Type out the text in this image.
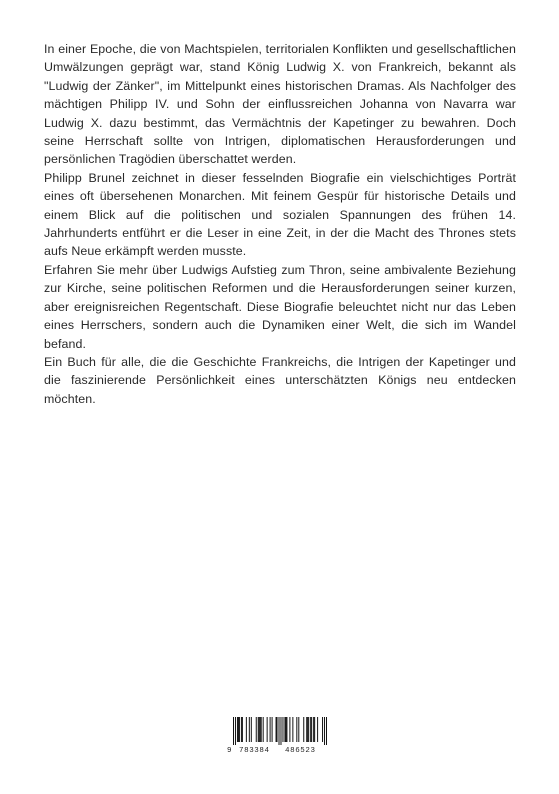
In einer Epoche, die von Machtspielen, territorialen Konflikten und gesellschaftlichen Umwälzungen geprägt war, stand König Ludwig X. von Frankreich, bekannt als "Ludwig der Zänker", im Mittelpunkt eines historischen Dramas. Als Nachfolger des mächtigen Philipp IV. und Sohn der einflussreichen Johanna von Navarra war Ludwig X. dazu bestimmt, das Vermächtnis der Kapetinger zu bewahren. Doch seine Herrschaft sollte von Intrigen, diplomatischen Herausforderungen und persönlichen Tragödien überschattet werden.

Philipp Brunel zeichnet in dieser fesselnden Biografie ein vielschichtiges Porträt eines oft übersehenen Monarchen. Mit feinem Gespür für historische Details und einem Blick auf die politischen und sozialen Spannungen des frühen 14. Jahrhunderts entführt er die Leser in eine Zeit, in der die Macht des Thrones stets aufs Neue erkämpft werden musste.

Erfahren Sie mehr über Ludwigs Aufstieg zum Thron, seine ambivalente Beziehung zur Kirche, seine politischen Reformen und die Herausforderungen seiner kurzen, aber ereignisreichen Regentschaft. Diese Biografie beleuchtet nicht nur das Leben eines Herrschers, sondern auch die Dynamiken einer Welt, die sich im Wandel befand.

Ein Buch für alle, die die Geschichte Frankreichs, die Intrigen der Kapetinger und die faszinierende Persönlichkeit eines unterschätzten Königs neu entdecken möchten.

9 783384 486523
